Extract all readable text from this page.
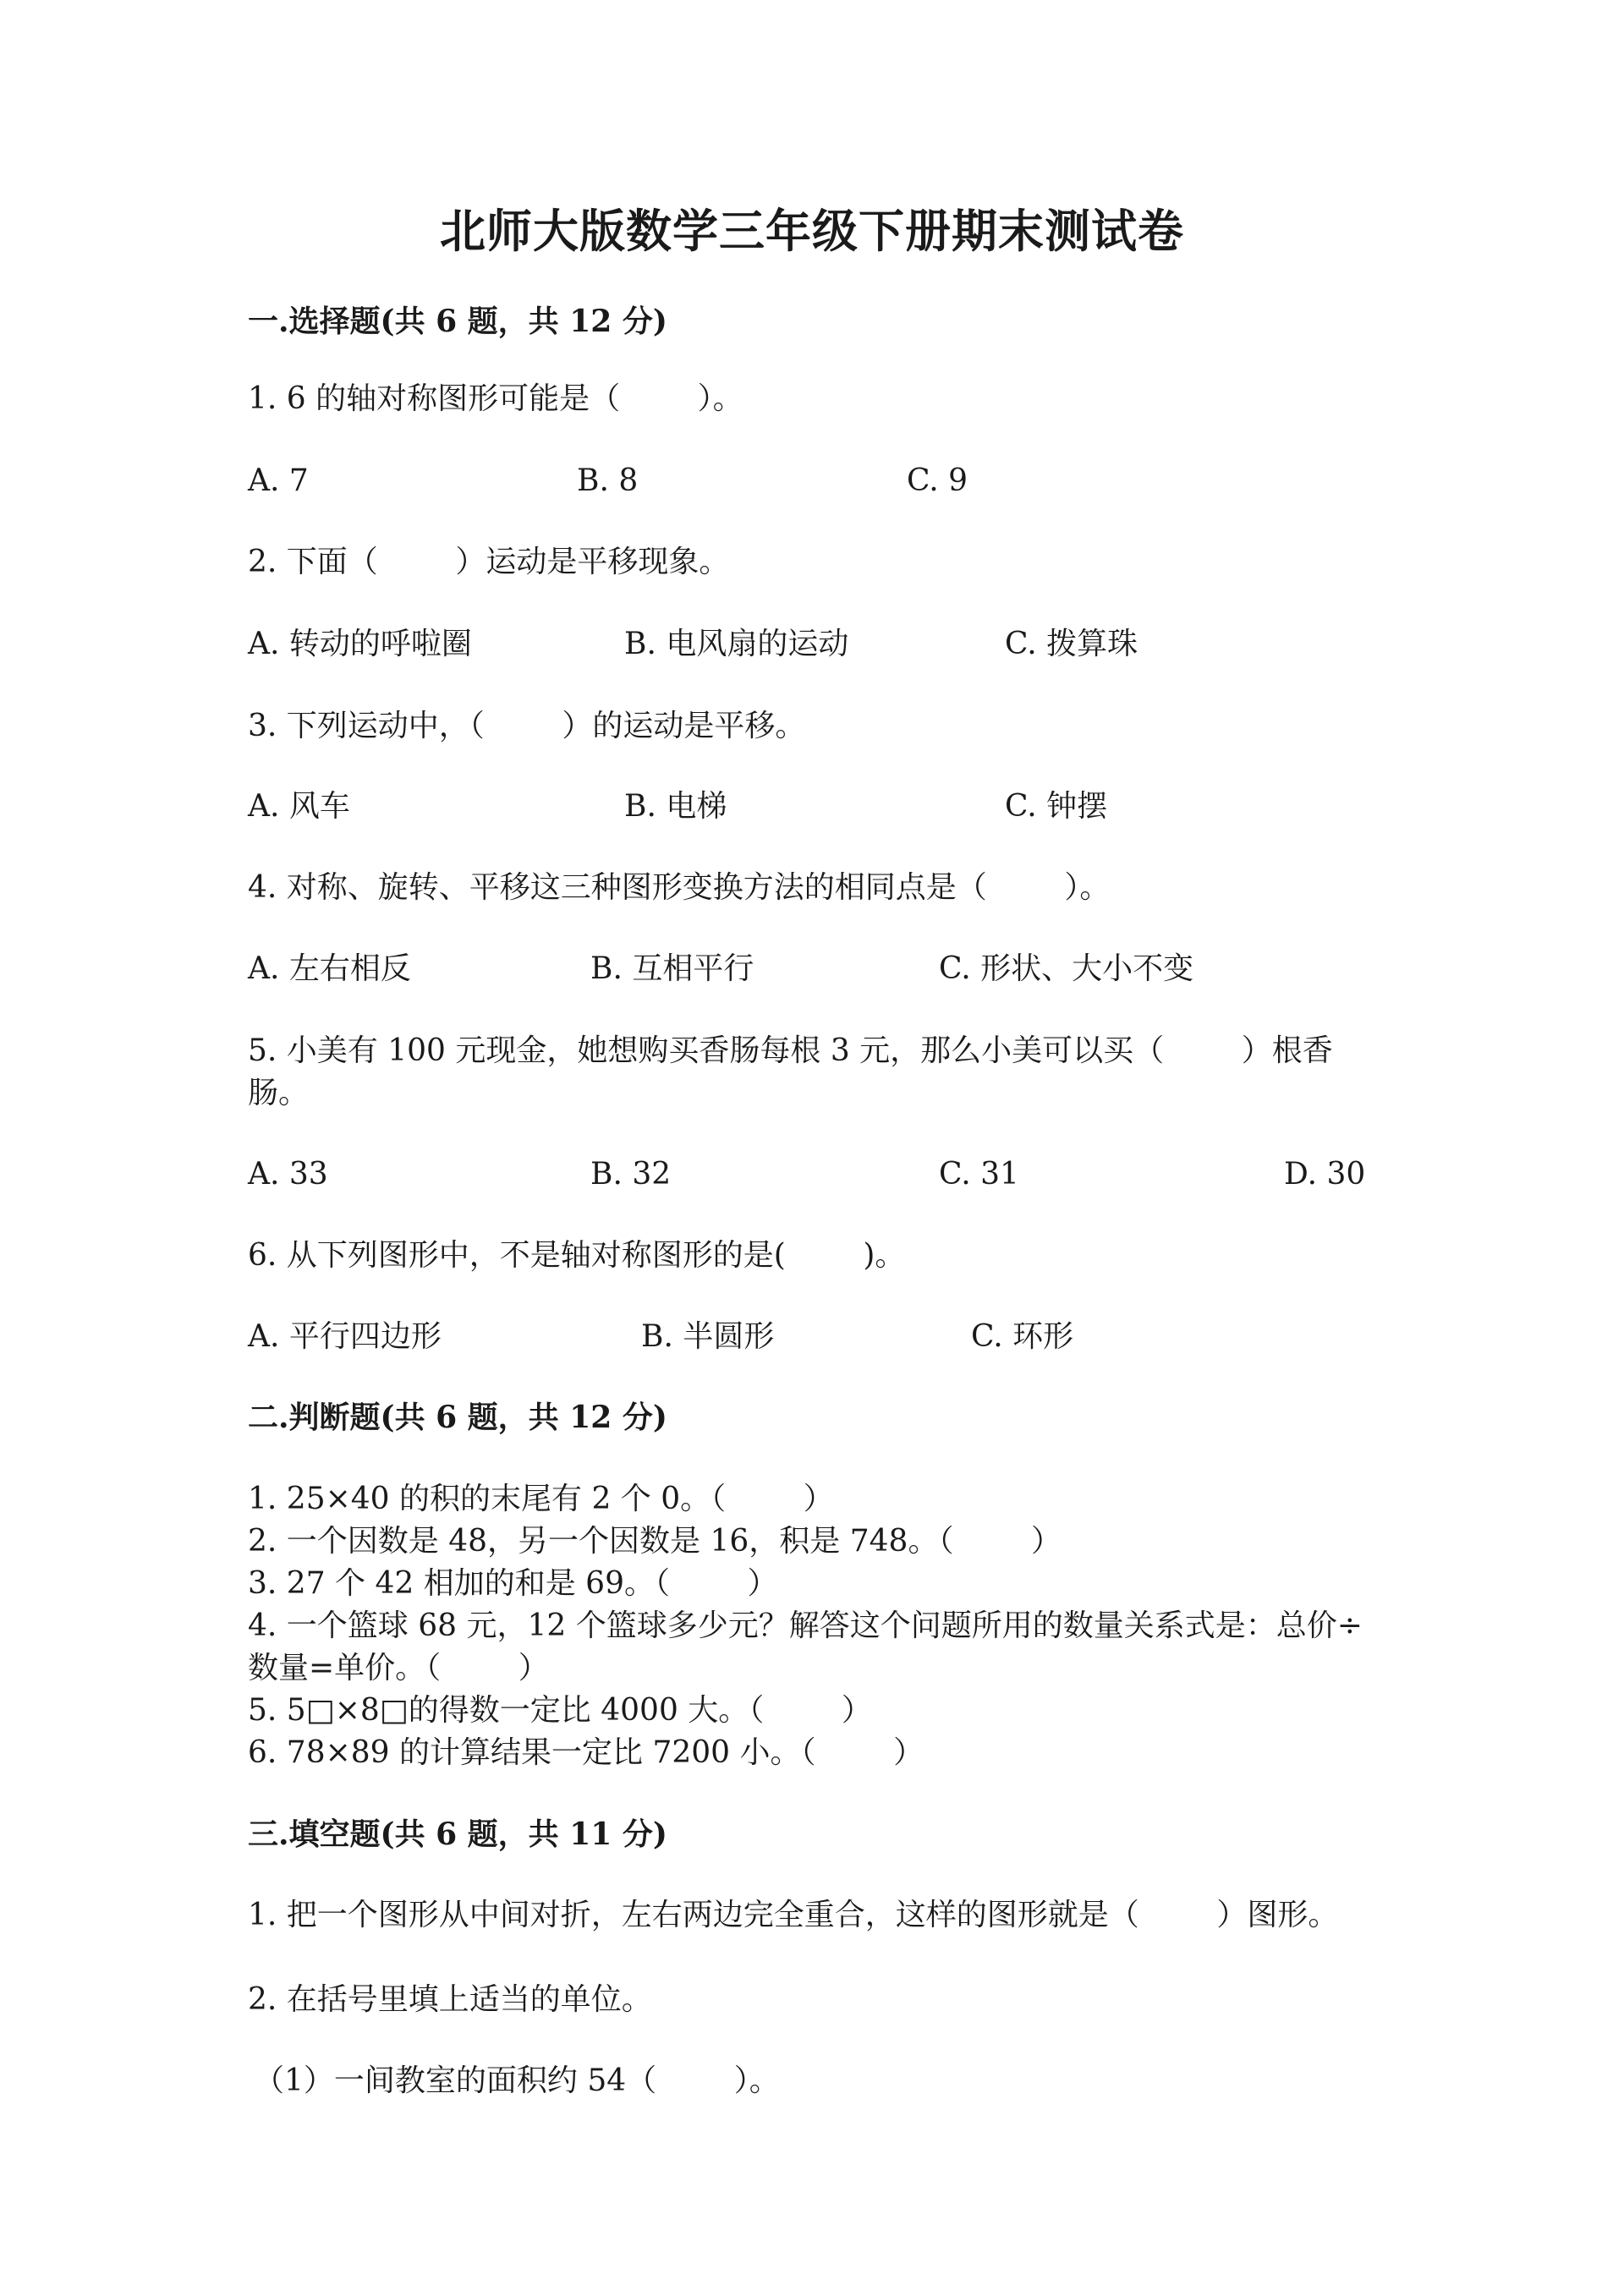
北师大版数学三年级下册期末测试卷
一.选择题(共 6 题，共 12 分)
1. 6 的轴对称图形可能是（        ）。
A. 7	B. 8	C. 9
2. 下面（        ）运动是平移现象。
A. 转动的呼啦圈	B. 电风扇的运动	C. 拨算珠
3. 下列运动中，（        ）的运动是平移。
A. 风车	B. 电梯	C. 钟摆
4. 对称、旋转、平移这三种图形变换方法的相同点是（        ）。
A. 左右相反	B. 互相平行	C. 形状、大小不变
5. 小美有 100 元现金，她想购买香肠每根 3 元，那么小美可以买（        ）根香肠。
A. 33	B. 32	C. 31	D. 30
6. 从下列图形中，不是轴对称图形的是(        )。
A. 平行四边形	B. 半圆形	C. 环形
二.判断题(共 6 题，共 12 分)
1. 25×40 的积的末尾有 2 个 0。（        ）
2. 一个因数是 48，另一个因数是 16，积是 748。（        ）
3. 27 个 42 相加的和是 69。（        ）
4. 一个篮球 68 元，12 个篮球多少元？解答这个问题所用的数量关系式是：总价÷数量=单价。（        ）
5. 5□×8□的得数一定比 4000 大。（        ）
6. 78×89 的计算结果一定比 7200 小。（        ）
三.填空题(共 6 题，共 11 分)
1. 把一个图形从中间对折，左右两边完全重合，这样的图形就是（        ）图形。
2. 在括号里填上适当的单位。
（1）一间教室的面积约 54（        ）。
